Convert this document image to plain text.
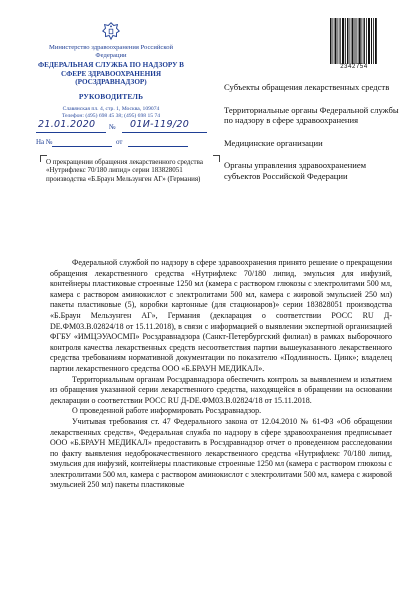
Министерство здравоохранения Российской Федерации
ФЕДЕРАЛЬНАЯ СЛУЖБА ПО НАДЗОРУ В СФЕРЕ ЗДРАВООХРАНЕНИЯ (РОСЗДРАВНАДЗОР)
РУКОВОДИТЕЛЬ
Славянская пл. 4, стр. 1, Москва, 109074
Телефон: (495) 698 45 38; (495) 698 15 74
21.01.2020 № 01И-119/20
На №	от
О прекращении обращения лекарственного средства «Нутрифлекс 70/180 липид» серии 183828051 производства «Б.Браун Мельзунген АГ» (Германия)
2342754
Субъекты обращения лекарственных средств
Территориальные органы Федеральной службы по надзору в сфере здравоохранения
Медицинские организации
Органы управления здравоохранением субъектов Российской Федерации

Федеральной службой по надзору в сфере здравоохранения принято решение о прекращении обращения лекарственного средства «Нутрифлекс 70/180 липид, эмульсия для инфузий, контейнеры пластиковые строенные 1250 мл (камера с раствором глюкозы с электролитами 500 мл, камера с раствором аминокислот с электролитами 500 мл, камера с жировой эмульсией 250 мл) пакеты пластиковые (5), коробки картонные (для стационаров)» серии 183828051 производства «Б.Браун Мельзунген АГ», Германия (декларация о соответствии РОСС RU Д-DE.ФМ03.В.02824/18 от 15.11.2018), в связи с информацией о выявлении экспертной организацией ФГБУ «ИМЦЭУАОСМП» Росздравнадзора (Санкт-Петербургский филиал) в рамках выборочного контроля качества лекарственных средств несоответствия партии вышеуказанного лекарственного средства требованиям нормативной документации по показателю «Подлинность. Цинк»; владелец партии лекарственного средства ООО «Б.БРАУН МЕДИКАЛ».

Территориальным органам Росздравнадзора обеспечить контроль за выявлением и изъятием из обращения указанной серии лекарственного средства, находящейся в обращении на основании декларации о соответствии РОСС RU Д-DE.ФМ03.В.02824/18 от 15.11.2018.

О проведенной работе информировать Росздравнадзор.

Учитывая требования ст. 47 Федерального закона от 12.04.2010 № 61-ФЗ «Об обращении лекарственных средств», Федеральная служба по надзору в сфере здравоохранения предписывает ООО «Б.БРАУН МЕДИКАЛ» предоставить в Росздравнадзор отчет о проведенном расследовании по факту выявления недоброкачественного лекарственного средства «Нутрифлекс 70/180 липид, эмульсия для инфузий, контейнеры пластиковые строенные 1250 мл (камера с раствором глюкозы с электролитами 500 мл, камера с раствором аминокислот с электролитами 500 мл, камера с жировой эмульсией 250 мл) пакеты пластиковые
